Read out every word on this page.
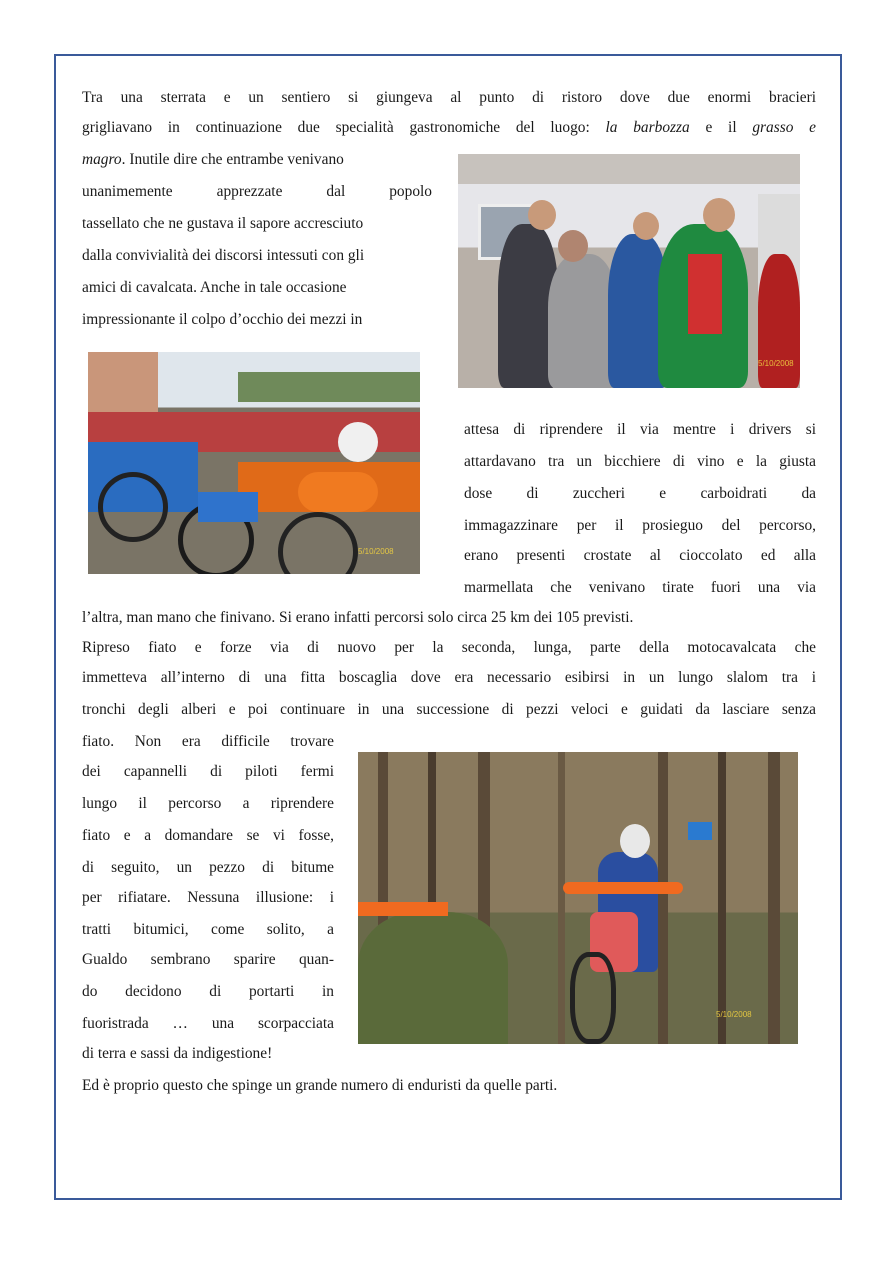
Tra una sterrata e un sentiero si giungeva al punto di ristoro dove due enormi bracieri
grigliavano in continuazione due specialità gastronomiche del luogo: la barbozza e il grasso e
magro. Inutile dire che entrambe venivano
unanimemente apprezzate dal popolo
tassellato che ne gustava il sapore accresciuto
dalla convivialità dei discorsi intessuti con gli
amici di cavalcata. Anche in tale occasione
impressionante il colpo d’occhio dei mezzi in
5/10/2008
5/10/2008
attesa di riprendere il via mentre i drivers si
attardavano tra un bicchiere di vino e la giusta
dose di zuccheri e carboidrati da
immagazzinare per il prosieguo del percorso,
erano presenti crostate al cioccolato ed alla
marmellata che venivano tirate fuori una via
l’altra, man mano che finivano. Si erano infatti percorsi solo circa 25 km dei 105 previsti.
Ripreso fiato e forze via di nuovo per la seconda, lunga, parte della motocavalcata che
immetteva all’interno di una fitta boscaglia dove era necessario esibirsi in un lungo slalom tra i
tronchi degli alberi e poi continuare in una successione di pezzi veloci e guidati da lasciare senza
fiato. Non era difficile trovare
dei capannelli di piloti fermi
lungo il percorso a riprendere
fiato e a domandare se vi fosse,
di seguito, un pezzo di bitume
per rifiatare. Nessuna illusione: i
tratti bitumici, come solito, a
Gualdo sembrano sparire quan-
do decidono di portarti in
fuoristrada … una scorpacciata
di terra e sassi da indigestione!
5/10/2008
Ed è proprio questo che spinge un grande numero di enduristi da quelle parti.
